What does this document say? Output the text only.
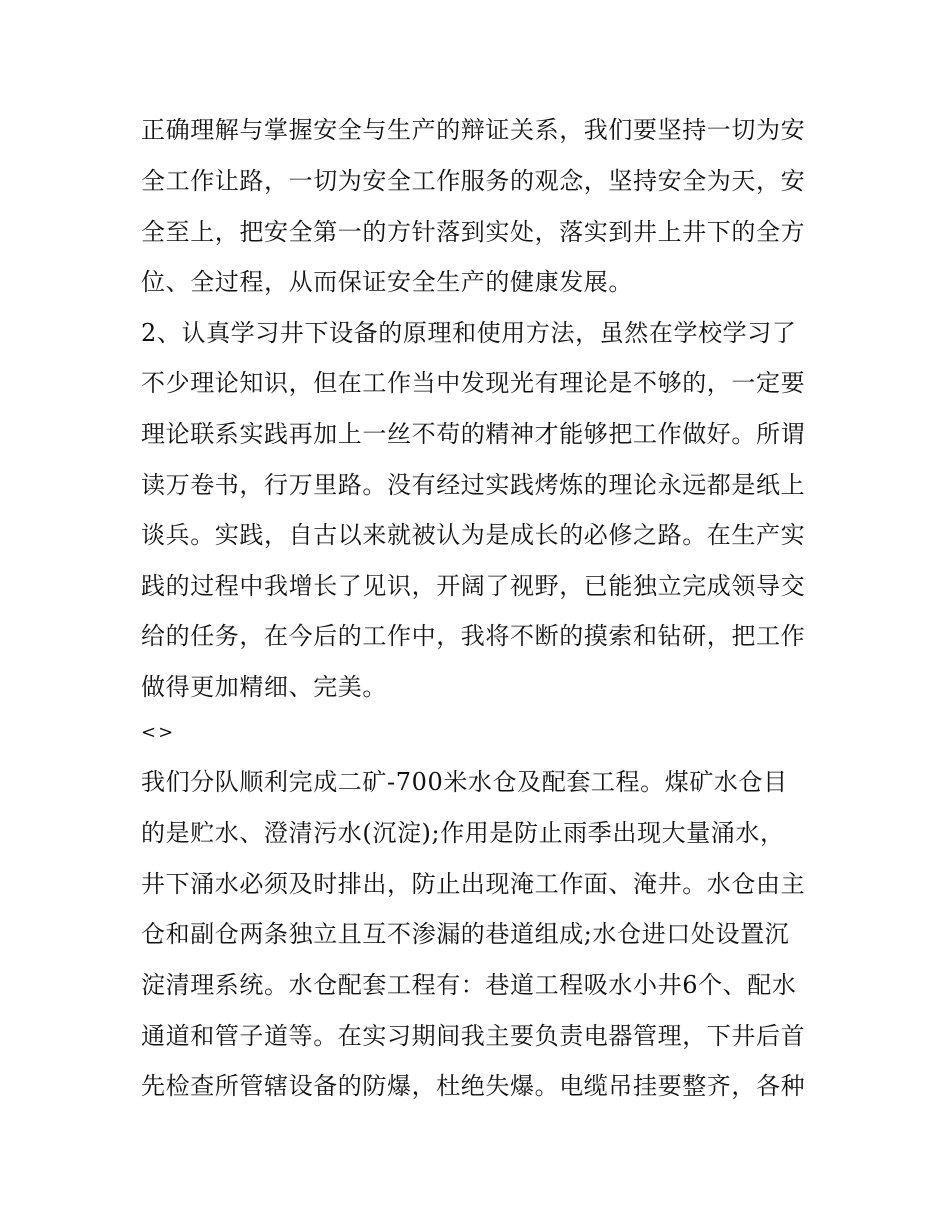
正确理解与掌握安全与生产的辩证关系，我们要坚持一切为安
全工作让路，一切为安全工作服务的观念，坚持安全为天，安
全至上，把安全第一的方针落到实处，落实到井上井下的全方
位、全过程，从而保证安全生产的健康发展。
2、认真学习井下设备的原理和使用方法，虽然在学校学习了
不少理论知识，但在工作当中发现光有理论是不够的，一定要
理论联系实践再加上一丝不苟的精神才能够把工作做好。所谓
读万卷书，行万里路。没有经过实践烤炼的理论永远都是纸上
谈兵。实践，自古以来就被认为是成长的必修之路。在生产实
践的过程中我增长了见识，开阔了视野，已能独立完成领导交
给的任务，在今后的工作中，我将不断的摸索和钻研，把工作
做得更加精细、完美。
<>
我们分队顺利完成二矿-700米水仓及配套工程。煤矿水仓目
的是贮水、澄清污水(沉淀);作用是防止雨季出现大量涌水，
井下涌水必须及时排出，防止出现淹工作面、淹井。水仓由主
仓和副仓两条独立且互不渗漏的巷道组成;水仓进口处设置沉
淀清理系统。水仓配套工程有：巷道工程吸水小井6个、配水
通道和管子道等。在实习期间我主要负责电器管理，下井后首
先检查所管辖设备的防爆，杜绝失爆。电缆吊挂要整齐，各种
